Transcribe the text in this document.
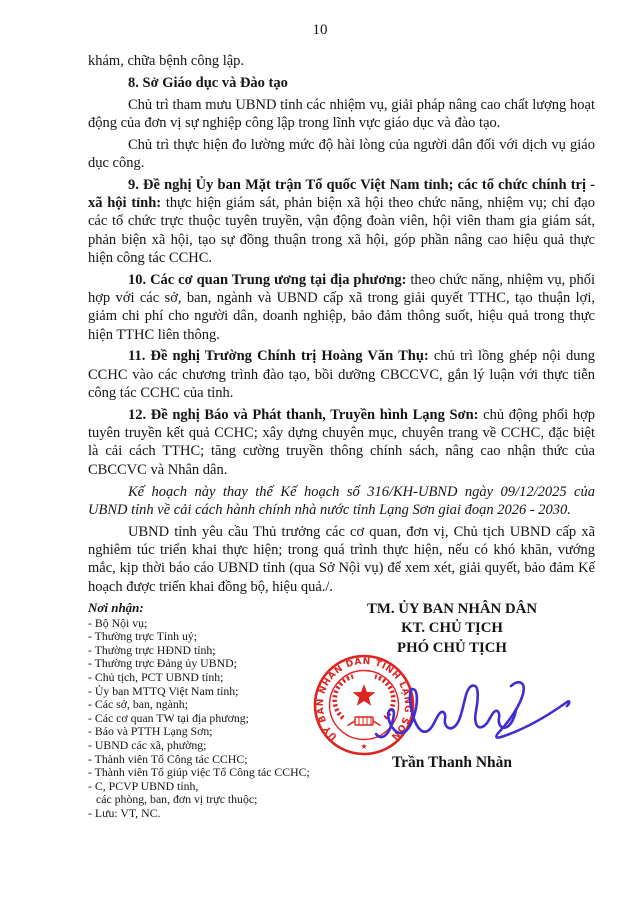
10

khám, chữa bệnh công lập.

8. Sở Giáo dục và Đào tạo

Chủ trì tham mưu UBND tỉnh các nhiệm vụ, giải pháp nâng cao chất lượng hoạt động của đơn vị sự nghiệp công lập trong lĩnh vực giáo dục và đào tạo.

Chủ trì thực hiện đo lường mức độ hài lòng của người dân đối với dịch vụ giáo dục công.

9. Đề nghị Ủy ban Mặt trận Tổ quốc Việt Nam tỉnh; các tổ chức chính trị - xã hội tỉnh: thực hiện giám sát, phản biện xã hội theo chức năng, nhiệm vụ; chỉ đạo các tổ chức trực thuộc tuyên truyền, vận động đoàn viên, hội viên tham gia giám sát, phản biện xã hội, tạo sự đồng thuận trong xã hội, góp phần nâng cao hiệu quả thực hiện công tác CCHC.

10. Các cơ quan Trung ương tại địa phương: theo chức năng, nhiệm vụ, phối hợp với các sở, ban, ngành và UBND cấp xã trong giải quyết TTHC, tạo thuận lợi, giảm chi phí cho người dân, doanh nghiệp, bảo đảm thông suốt, hiệu quả trong thực hiện TTHC liên thông.

11. Đề nghị Trường Chính trị Hoàng Văn Thụ: chủ trì lồng ghép nội dung CCHC vào các chương trình đào tạo, bồi dưỡng CBCCVC, gắn lý luận với thực tiễn công tác CCHC của tỉnh.

12. Đề nghị Báo và Phát thanh, Truyền hình Lạng Sơn: chủ động phối hợp tuyên truyền kết quả CCHC; xây dựng chuyên mục, chuyên trang về CCHC, đặc biệt là cải cách TTHC; tăng cường truyền thông chính sách, nâng cao nhận thức của CBCCVC và Nhân dân.

Kế hoạch này thay thế Kế hoạch số 316/KH-UBND ngày 09/12/2025 của UBND tỉnh về cải cách hành chính nhà nước tỉnh Lạng Sơn giai đoạn 2026 - 2030.

UBND tỉnh yêu cầu Thủ trưởng các cơ quan, đơn vị, Chủ tịch UBND cấp xã nghiêm túc triển khai thực hiện; trong quá trình thực hiện, nếu có khó khăn, vướng mắc, kịp thời báo cáo UBND tỉnh (qua Sở Nội vụ) để xem xét, giải quyết, bảo đảm Kế hoạch được triển khai đồng bộ, hiệu quả./.

Nơi nhận:
- Bộ Nội vụ;
- Thường trực Tỉnh uỷ;
- Thường trực HĐND tỉnh;
- Thường trực Đảng ủy UBND;
- Chủ tịch, PCT UBND tỉnh;
- Ủy ban MTTQ Việt Nam tỉnh;
- Các sở, ban, ngành;
- Các cơ quan TW tại địa phương;
- Báo và PTTH Lạng Sơn;
- UBND các xã, phường;
- Thành viên Tổ Công tác CCHC;
- Thành viên Tổ giúp việc Tổ Công tác CCHC;
- C, PCVP UBND tỉnh,
các phòng, ban, đơn vị trực thuộc;
- Lưu: VT, NC.
TM. ỦY BAN NHÂN DÂN
KT. CHỦ TỊCH
PHÓ CHỦ TỊCH
ỦY BAN NHÂN DÂN TỈNH LẠNG SƠN
★
Trần Thanh Nhàn
